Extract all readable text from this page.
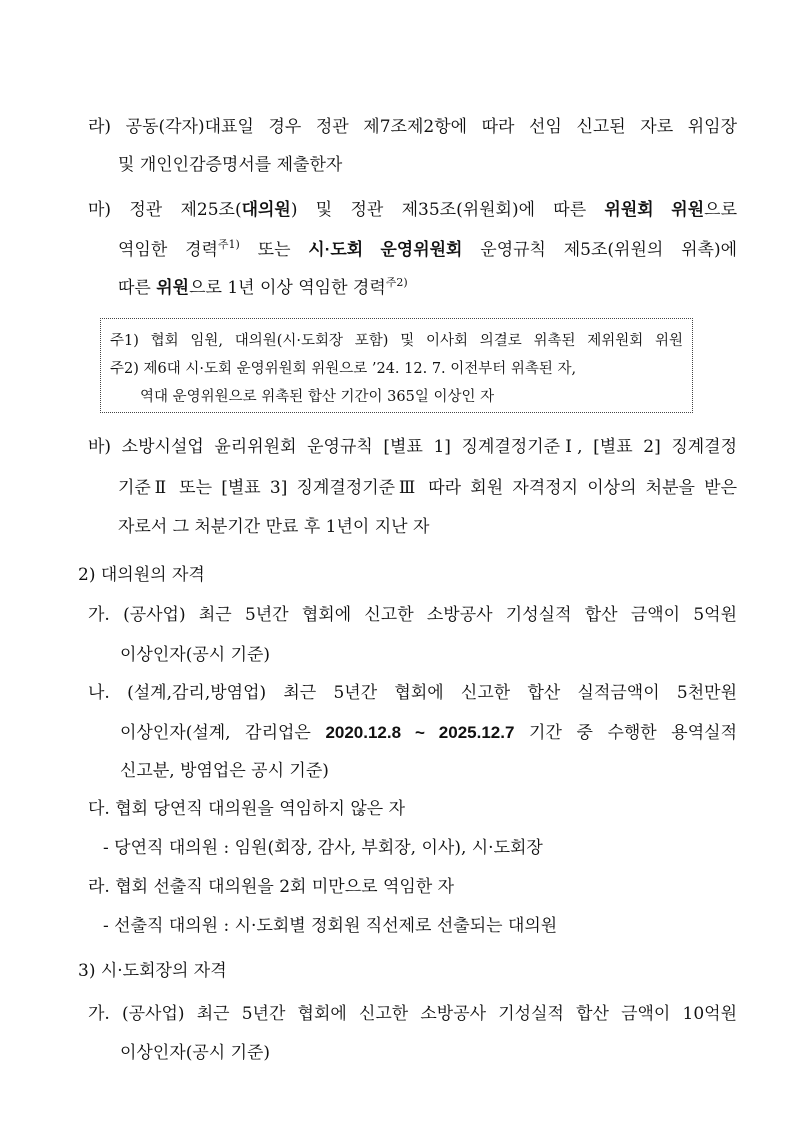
라) 공동(각자)대표일 경우 정관 제7조제2항에 따라 선임 신고된 자로 위임장
및 개인인감증명서를 제출한자
마) 정관 제25조(대의원) 및 정관 제35조(위원회)에 따른 위원회 위원으로
역임한 경력$^{주1)}$ 또는 시·도회 운영위원회 운영규칙 제5조(위원의 위촉)에
따른 위원으로 1년 이상 역임한 경력$^{주2)}$
주1) 협회 임원, 대의원(시·도회장 포함) 및 이사회 의결로 위촉된 제위원회 위원
주2) 제6대 시·도회 운영위원회 위원으로 ’24. 12. 7. 이전부터 위촉된 자,
역대 운영위원으로 위촉된 합산 기간이 365일 이상인 자
바) 소방시설업 윤리위원회 운영규칙 [별표 1] 징계결정기준Ⅰ, [별표 2] 징계결정
기준Ⅱ 또는 [별표 3] 징계결정기준Ⅲ 따라 회원 자격정지 이상의 처분을 받은
자로서 그 처분기간 만료 후 1년이 지난 자
2) 대의원의 자격
가. (공사업) 최근 5년간 협회에 신고한 소방공사 기성실적 합산 금액이 5억원
이상인자(공시 기준)
나. (설계,감리,방염업) 최근 5년간 협회에 신고한 합산 실적금액이 5천만원
이상인자(설계, 감리업은 2020.12.8 ~ 2025.12.7 기간 중 수행한 용역실적
신고분, 방염업은 공시 기준)
다. 협회 당연직 대의원을 역임하지 않은 자
- 당연직 대의원 : 임원(회장, 감사, 부회장, 이사), 시·도회장
라. 협회 선출직 대의원을 2회 미만으로 역임한 자
- 선출직 대의원 : 시·도회별 정회원 직선제로 선출되는 대의원
3) 시·도회장의 자격
가. (공사업) 최근 5년간 협회에 신고한 소방공사 기성실적 합산 금액이 10억원
이상인자(공시 기준)
